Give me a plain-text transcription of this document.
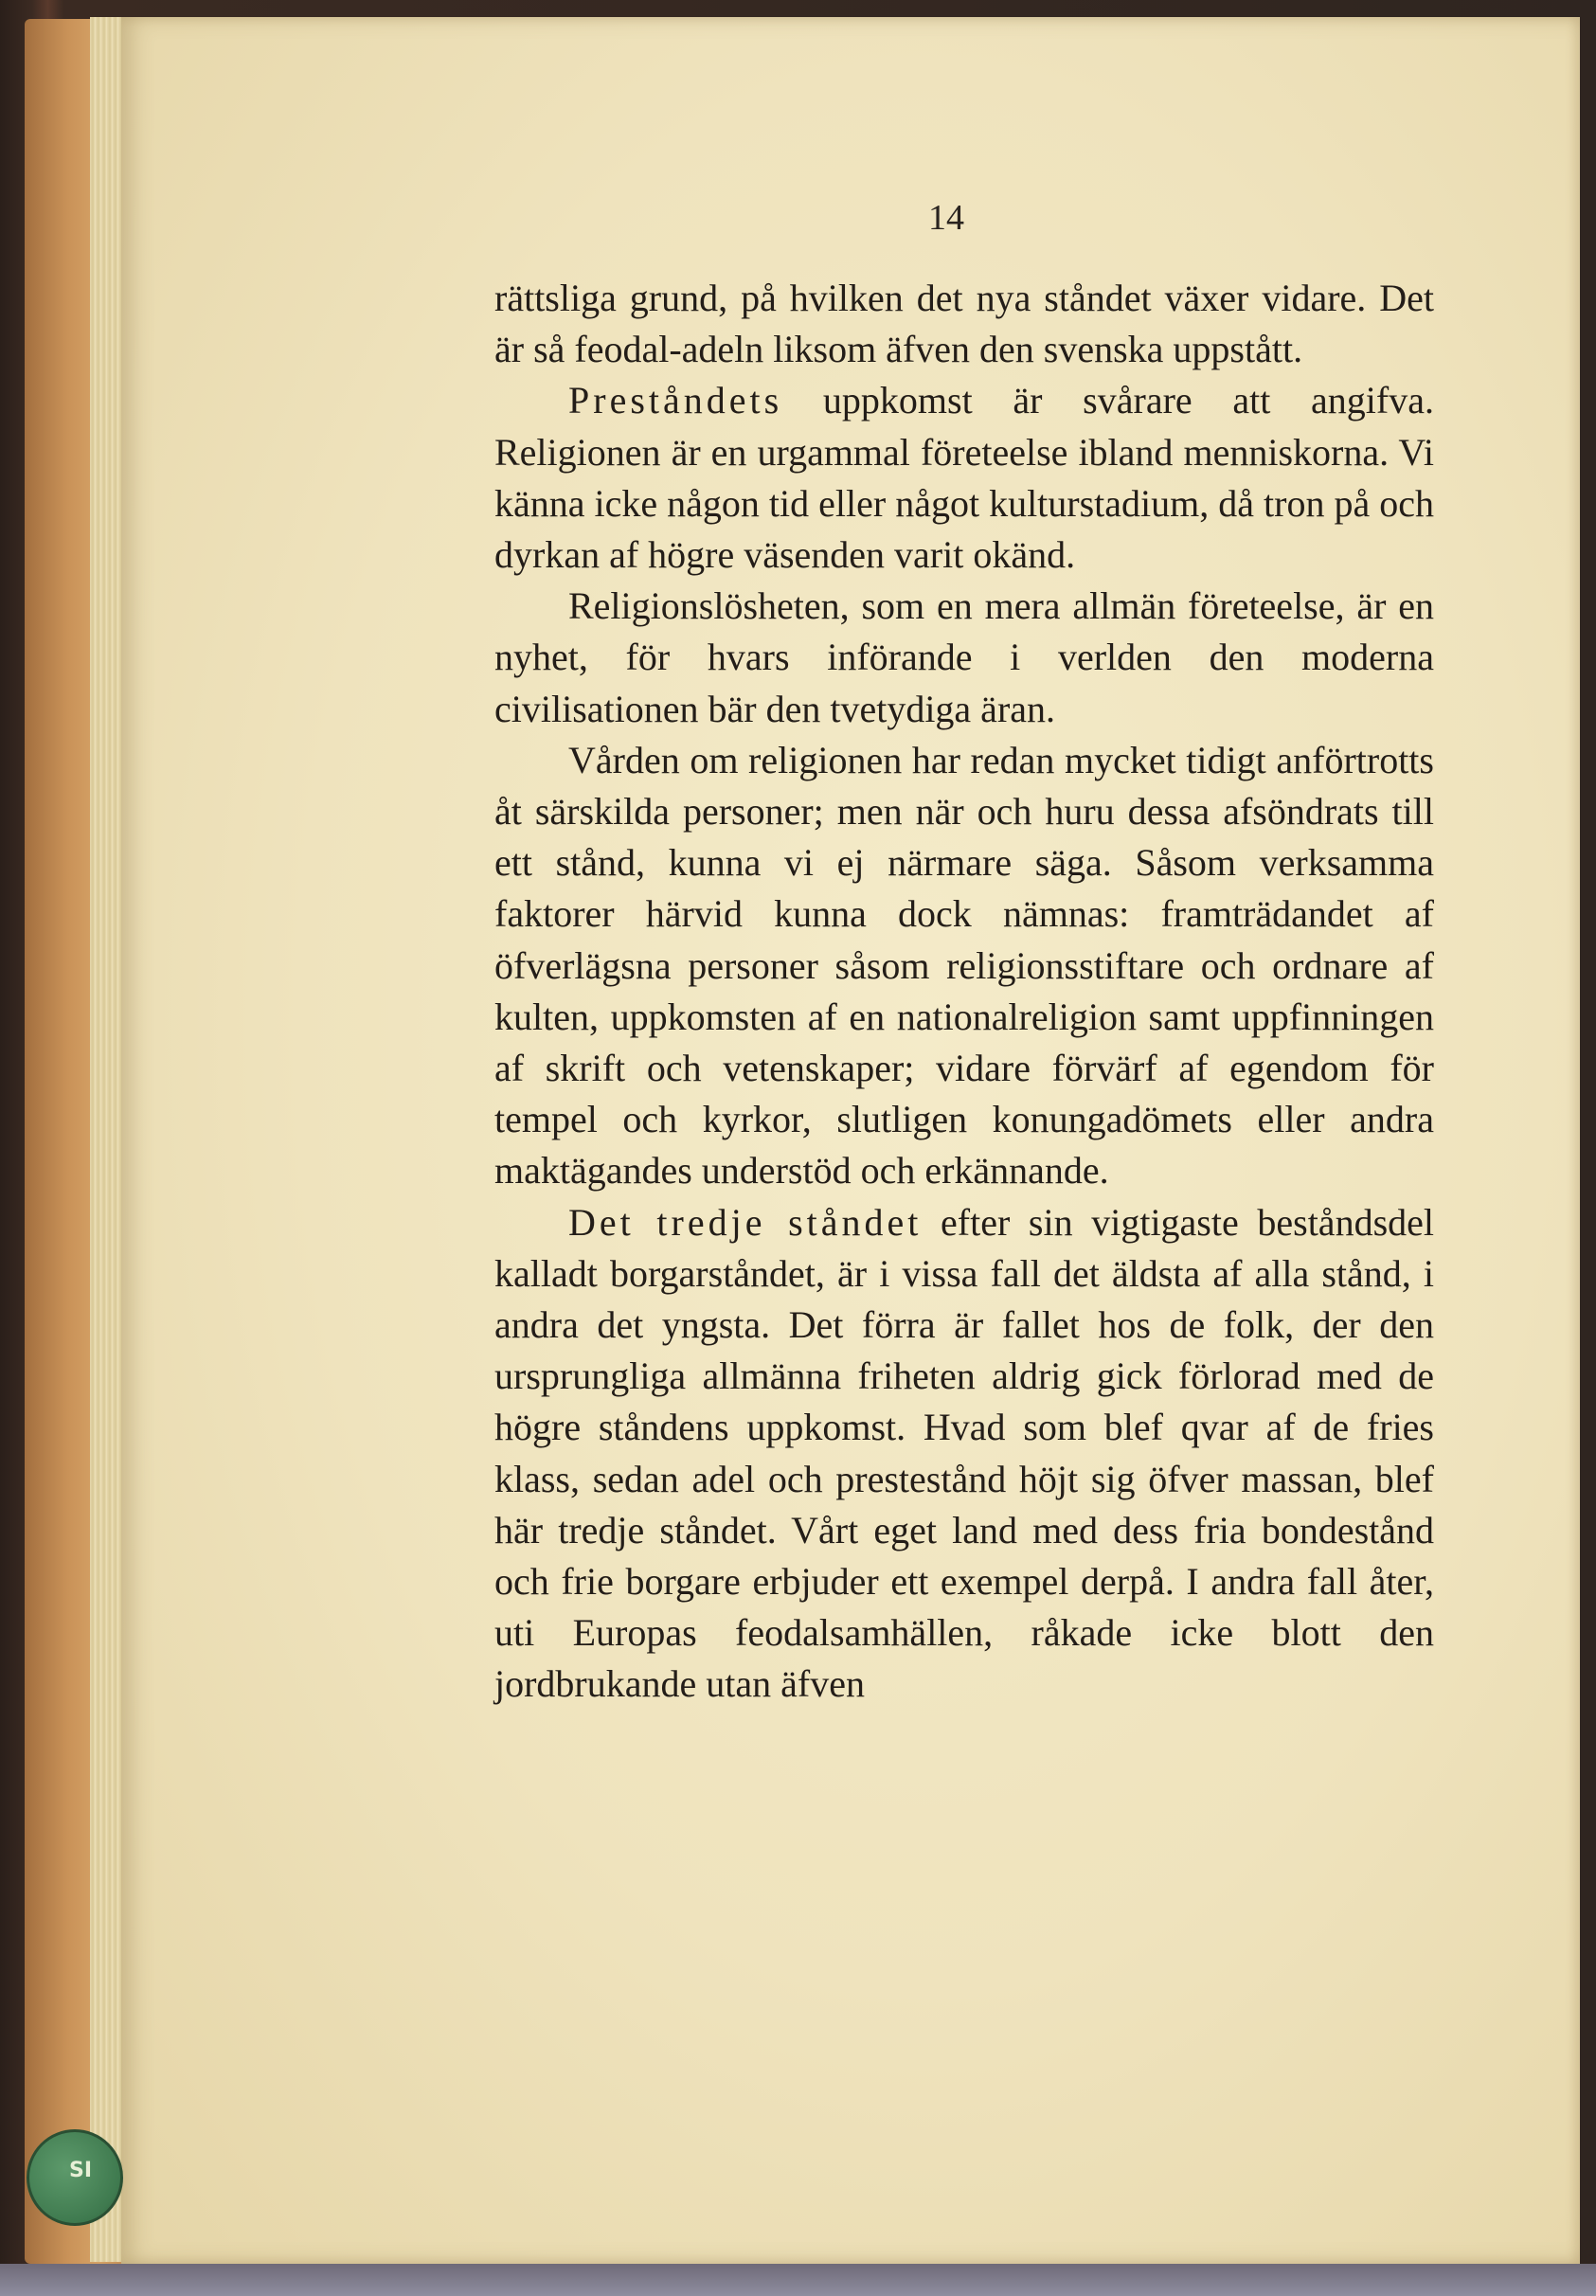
14

rättsliga grund, på hvilken det nya ståndet växer vidare. Det är så feodal-adeln liksom äfven den svenska uppstått.

Preståndets uppkomst är svårare att angifva. Religionen är en urgammal företeelse ibland menniskorna. Vi känna icke någon tid eller något kulturstadium, då tron på och dyrkan af högre väsenden varit okänd.

Religionslösheten, som en mera allmän företeelse, är en nyhet, för hvars införande i verlden den moderna civilisationen bär den tvetydiga äran.

Vården om religionen har redan mycket tidigt anförtrotts åt särskilda personer; men när och huru dessa afsöndrats till ett stånd, kunna vi ej närmare säga. Såsom verksamma faktorer härvid kunna dock nämnas: framträdandet af öfverlägsna personer såsom religionsstiftare och ordnare af kulten, uppkomsten af en nationalreligion samt uppfinningen af skrift och vetenskaper; vidare förvärf af egendom för tempel och kyrkor, slutligen konungadömets eller andra maktägandes understöd och erkännande.

Det tredje ståndet efter sin vigtigaste beståndsdel kalladt borgarståndet, är i vissa fall det äldsta af alla stånd, i andra det yngsta. Det förra är fallet hos de folk, der den ursprungliga allmänna friheten aldrig gick förlorad med de högre ståndens uppkomst. Hvad som blef qvar af de fries klass, sedan adel och prestestånd höjt sig öfver massan, blef här tredje ståndet. Vårt eget land med dess fria bondestånd och frie borgare erbjuder ett exempel derpå. I andra fall åter, uti Europas feodalsamhällen, råkade icke blott den jordbrukande utan äfven

SI
